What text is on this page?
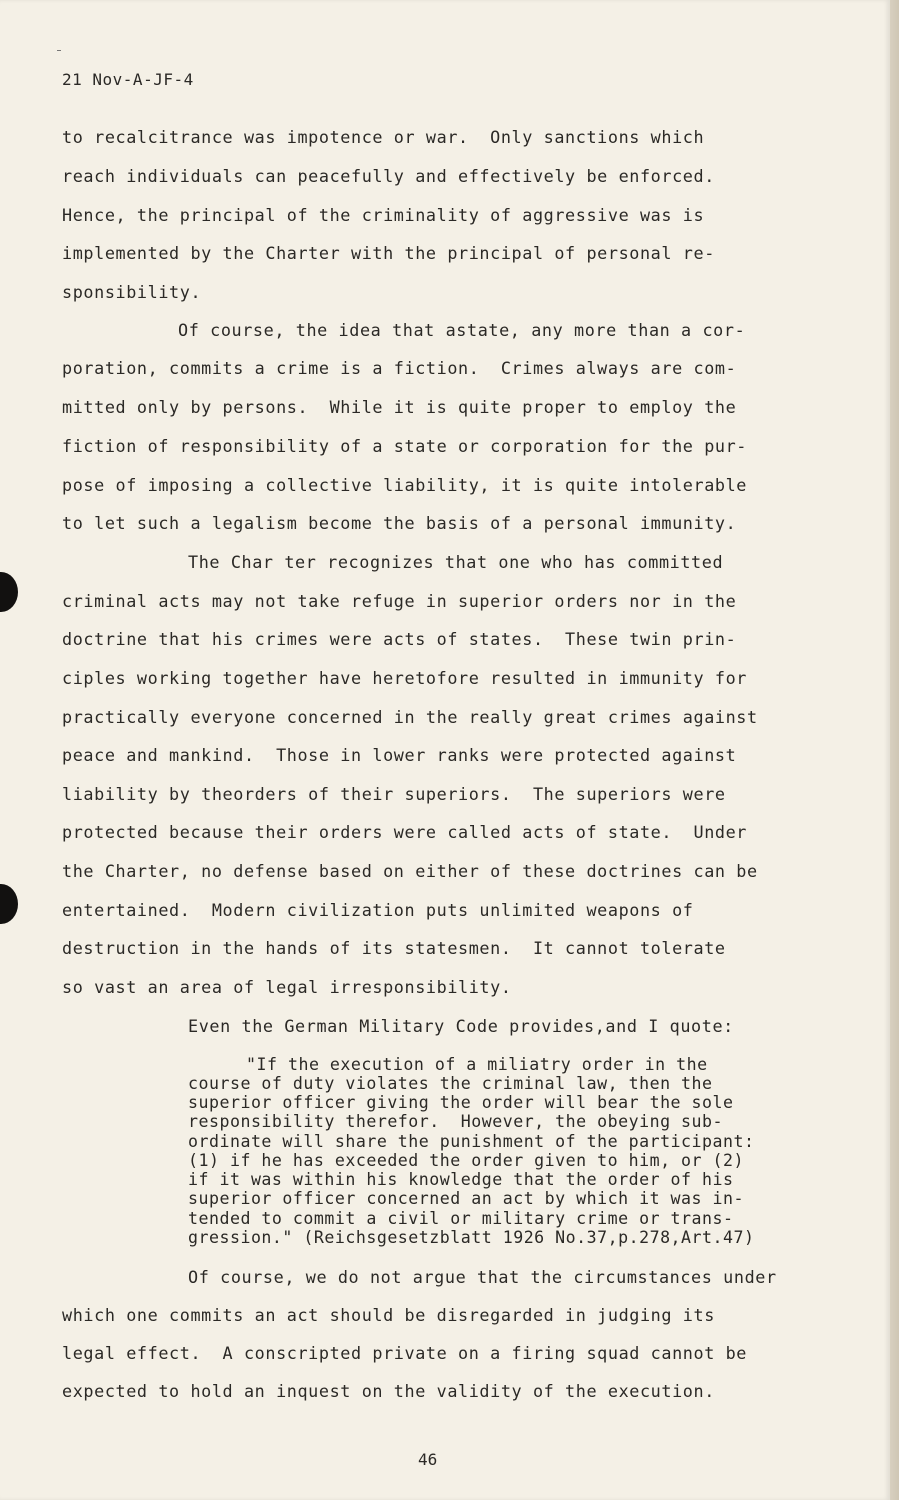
21 Nov-A-JF-4
to recalcitrance was impotence or war.  Only sanctions which
reach individuals can peacefully and effectively be enforced.
Hence, the principal of the criminality of aggressive was is
implemented by the Charter with the principal of personal re-
sponsibility.
Of course, the idea that astate, any more than a cor-
poration, commits a crime is a fiction.  Crimes always are com-
mitted only by persons.  While it is quite proper to employ the
fiction of responsibility of a state or corporation for the pur-
pose of imposing a collective liability, it is quite intolerable
to let such a legalism become the basis of a personal immunity.
The Char ter recognizes that one who has committed
criminal acts may not take refuge in superior orders nor in the
doctrine that his crimes were acts of states.  These twin prin-
ciples working together have heretofore resulted in immunity for
practically everyone concerned in the really great crimes against
peace and mankind.  Those in lower ranks were protected against
liability by theorders of their superiors.  The superiors were
protected because their orders were called acts of state.  Under
the Charter, no defense based on either of these doctrines can be
entertained.  Modern civilization puts unlimited weapons of
destruction in the hands of its statesmen.  It cannot tolerate
so vast an area of legal irresponsibility.
Even the German Military Code provides,and I quote:
"If the execution of a miliatry order in the
course of duty violates the criminal law, then the
superior officer giving the order will bear the sole
responsibility therefor.  However, the obeying sub-
ordinate will share the punishment of the participant:
(1) if he has exceeded the order given to him, or (2)
if it was within his knowledge that the order of his
superior officer concerned an act by which it was in-
tended to commit a civil or military crime or trans-
gression." (Reichsgesetzblatt 1926 No.37,p.278,Art.47)
Of course, we do not argue that the circumstances under
which one commits an act should be disregarded in judging its
legal effect.  A conscripted private on a firing squad cannot be
expected to hold an inquest on the validity of the execution.
46
